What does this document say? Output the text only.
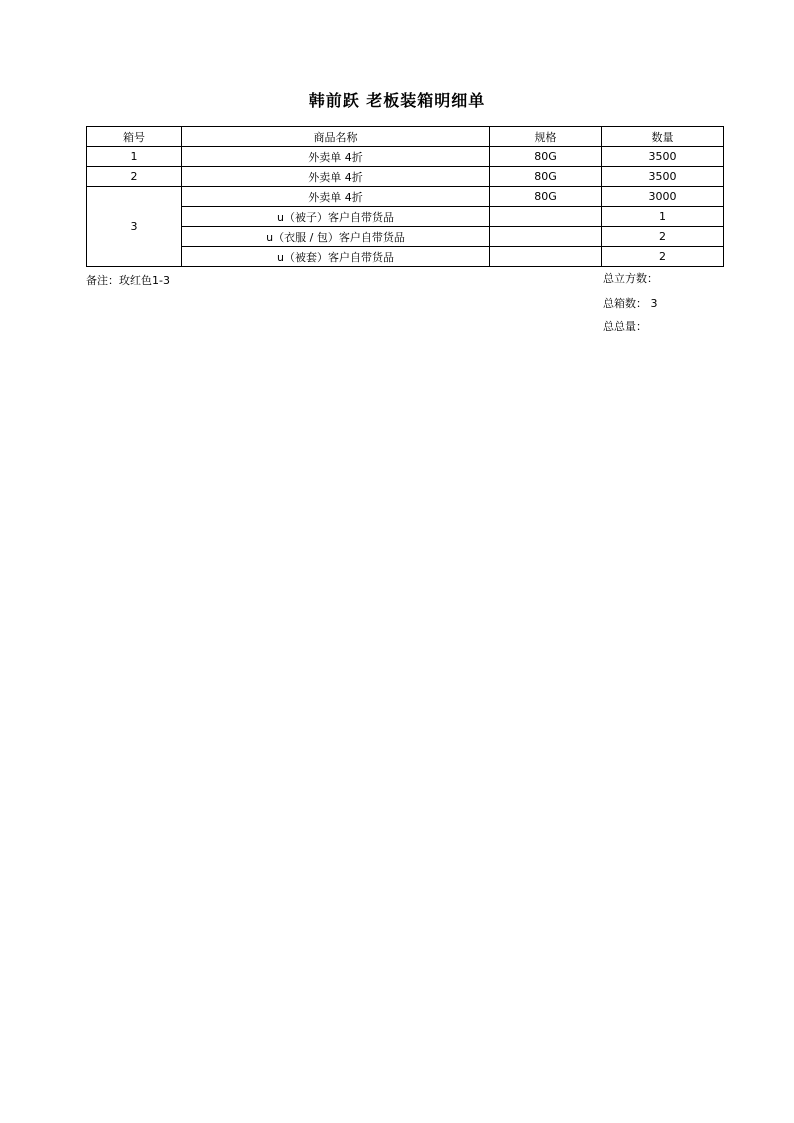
韩前跃 老板装箱明细单
箱号	商品名称	规格	数量
1	外卖单 4折	80G	3500
2	外卖单 4折	80G	3500
3	外卖单 4折	80G	3000
	u（被子）客户自带货品		1
	u（衣服 / 包）客户自带货品		2
	u（被套）客户自带货品		2
备注：玫红色1-3	总立方数：
总箱数： 3
总总量：
